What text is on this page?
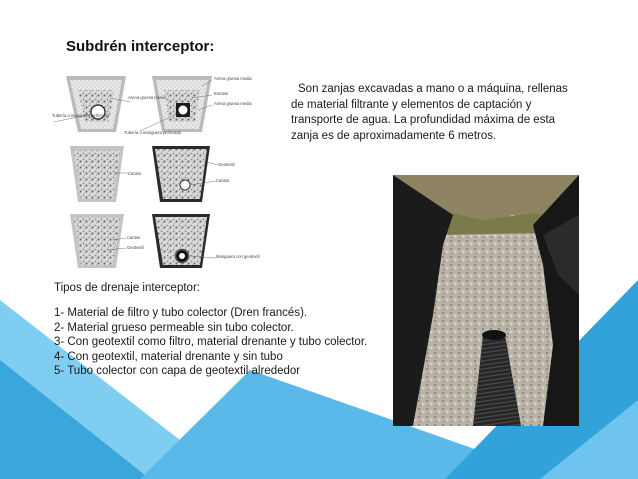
Subdrén interceptor:
Tubería o manguera perforada
Arena gruesa media
Arena gruesa media
Ematos
Arena gruesa media
Tubería o manguera perforada
Geotextil
Cantos
Cantos
Cantos
Geotextil
Manguera con geotextil
Son zanjas excavadas a mano o a máquina, rellenas de material filtrante y elementos de captación y transporte de agua. La profundidad máxima de esta zanja es de aproximadamente 6 metros.
Tipos de drenaje interceptor:
1- Material de filtro y tubo colector (Dren francés).
2- Material grueso permeable sin tubo colector.
3- Con geotextil como filtro, material drenante y tubo colector.
4- Con geotextil, material drenante y sin tubo
5- Tubo colector con capa de geotextil alrededor
